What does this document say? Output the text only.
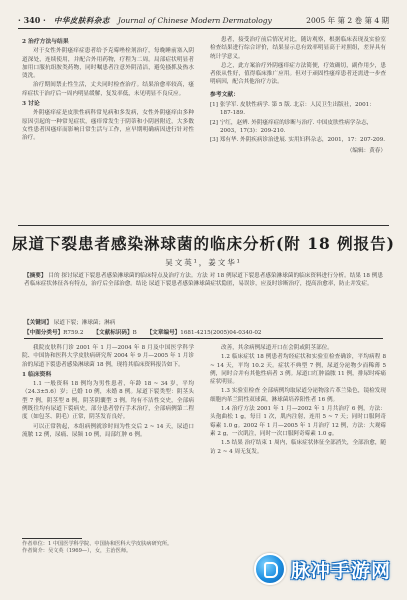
· 340 · 中华皮肤科杂志 Journal of Chinese Modern Dermatology	2005 年 第 2 卷 第 4 期
2 治疗方法与结果

对于女性外阴瘙痒症患者给予克霉唑栓剂治疗，每晚睡前塞入阴道深处，连续使用，并配合外用药物，疗程为二周。局部症状明显者加用口服抗组胺类药物，同时嘱患者注意外阴清洁，避免搔抓及热水烫洗。

治疗期间禁止性生活，丈夫同时检查治疗。结果治愈率较高，瘙痒症状于治疗后一周内明显缓解，复发率低，未见明显不良反应。

3 讨论

外阴瘙痒症是皮肤性病科常见病和多发病，女性外阴瘙痒由多种原因引起的一种常见症状，瘙痒常发生于阴蒂和小阴唇附近，大多数女性患者因瘙痒而影响日常生活与工作，应早期明确病因进行针对性治疗。

患者，接受治疗前后情况对比，随访观察，根据临床表现及实验室检查结果进行综合评价，结果显示总有效率明显高于对照组，差异具有统计学意义。

总之，此方案治疗外阴瘙痒症方法简便，疗效确切，副作用少，患者依从性好，值得临床推广应用。但对于顽固性瘙痒患者还需进一步查明病因，配合其他治疗方法。

参考文献：
[1] 张学军. 皮肤性病学. 第 5 版. 北京：人民卫生出版社，2001：187-189.
[2] 宁红，赵辨. 外阴瘙痒症的诊断与治疗. 中国皮肤性病学杂志，2003，17(3)：209-210.
[3] 郑有华. 外阴疾病诊治进展. 实用妇科杂志，2001，17：207-209.
（编辑：黄春）
尿道下裂患者感染淋球菌的临床分析(附 18 例报告)
吴文英¹，姜文华¹
【摘要】 目的 探讨尿道下裂患者感染淋球菌的临床特点及治疗方法。方法 对 18 例尿道下裂患者感染淋球菌的临床资料进行分析。结果 18 例患者临床症状体征各有特点，治疗后全部治愈。结论 尿道下裂患者感染淋球菌症状隐匿，易误诊，应及时诊断治疗，提高治愈率，防止并发症。
【关键词】 尿道下裂；淋球菌；淋病
【中图分类号】R759.2 【文献标识码】B 【文章编号】1681-4215(2005)04-0340-02

我院皮肤科门诊 2001 年 1 月—2004 年 8 月及中国医学科学院、中国协和医科大学皮肤病研究所 2004 年 9 月—2005 年 1 月诊治的尿道下裂患者感染淋球菌 18 例，现将其临床资料报告如下。

1 临床资料

1.1 一般资料 18 例均为男性患者，年龄 18 ~ 34 岁，平均（24.3±5.6）岁；已婚 10 例，未婚 8 例。尿道下裂类型：阴茎头型 7 例，阴茎型 8 例，阴茎阴囊型 3 例。均有不洁性交史，全部病例既往均有尿道下裂病史，部分患者曾行手术治疗，全部病例第二程度（如包茎、阴毛）正常，阴茎发育良好。

可以正常勃起，本组病例就诊时间为性交后 2 ~ 14 天，尿道口流脓 12 例，尿痛、尿频 10 例，局部红肿 6 例。

改善，其余病例尿道开口在会阴或阴茎部位。

1.2 临床症状 18 例患者均经症状和实验室检查确诊，平均病程 8 ~ 14 天，平均 10.2 天。症状不典型 7 例，尿道分泌物少而稀薄 5 例，同时合并有其他性病者 3 例。尿道口红肿溢脓 11 例，排尿时疼痛症状明显。

1.3 实验室检查 全部病例均取尿道分泌物涂片革兰染色，镜检发现细胞内革兰阴性双球菌，淋球菌培养阳性者 16 例。

1.4 治疗方法 2001 年 1 月—2002 年 1 月共治疗 6 例，方法：头孢曲松 1 g，每日 1 次，肌内注射，连用 5 ~ 7 天；同时口服阿奇霉素 1.0 g。2002 年 1 月—2005 年 1 月治疗 12 例，方法：大观霉素 2 g，一次肌注，同时一次口服阿奇霉素 1.0 g。

1.5 结果 治疗结束 1 周内，临床症状体征全部消失，全部治愈，随访 2 ~ 4 周无复发。

作者单位：1 中国医学科学院、中国协和医科大学皮肤病研究所。
作者简介：吴文英（1969—），女，主治医师。
脉冲手游网
